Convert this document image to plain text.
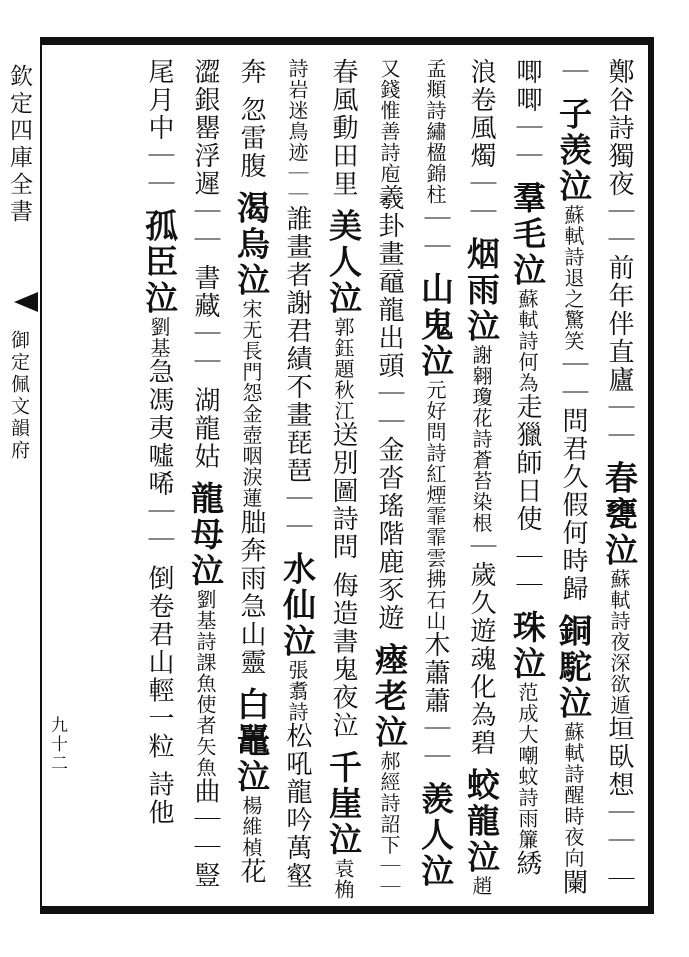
欽定四庫全書
御定佩文韻府
九十二
鄭谷詩獨夜｜｜前年伴直廬｜｜ 春甕泣蘇軾詩夜深欲遁垣臥想｜｜ ｜｜ 子羡泣蘇軾詩退之驚笑｜｜問君久假何時歸 銅駝泣蘇軾詩醒時夜向闌唧唧｜｜ 羣毛泣蘇軾詩何為走獵師日使 ｜｜ 珠泣范成大嘲蚊詩雨簾綉浪卷風燭｜｜ 烟雨泣謝翱瓊花詩蒼苔染根｜歲久遊魂化為碧 蛟龍泣趙孟頫詩繡楹錦柱｜｜ 山鬼泣元好問詩紅煙霏霏雲拂石山木蕭蕭｜｜ 羨人泣又錢惟善詩庖羲卦畫黿龍出頭｜｜金沓瑤階鹿豕遊 瘞老泣郝經詩詔下｜｜春風動田里 美人泣郭鈺題秋江送別圖詩問 侮造書鬼夜泣 千崖泣袁桷詩岩迷鳥迹｜｜誰畫者謝君績不畫琵琶｜｜ 水仙泣張翥詩松吼龍吟萬壑奔 忽雷腹 渴烏泣宋无長門怨金壺咽淚蓮朏奔雨急山靈 白鼉泣楊維楨花澀銀罌浮遲｜｜ 書藏｜｜ 湖龍姑 龍母泣劉基詩課魚使者矢魚曲｜｜豎尾月中｜｜ 孤臣泣劉基急馮夷噓唏｜｜ 倒卷君山輕一粒 詩他
